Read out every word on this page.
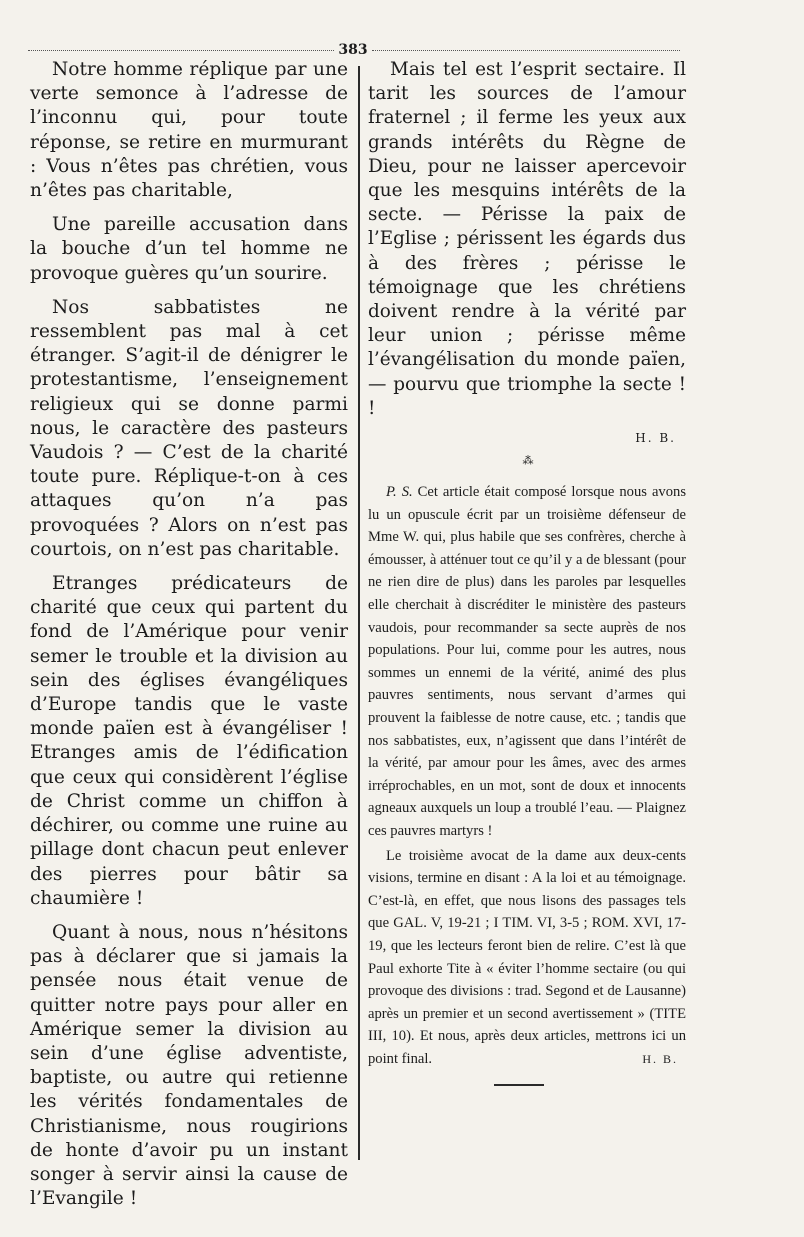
383

Notre homme réplique par une verte semonce à l’adresse de l’inconnu qui, pour toute réponse, se retire en murmurant : Vous n’êtes pas chrétien, vous n’êtes pas charitable,

Une pareille accusation dans la bouche d’un tel homme ne provoque guères qu’un sourire.

Nos sabbatistes ne ressemblent pas mal à cet étranger. S’agit-il de dénigrer le protestantisme, l’enseignement religieux qui se donne parmi nous, le caractère des pasteurs Vaudois ? — C’est de la charité toute pure. Réplique-t-on à ces attaques qu’on n’a pas provoquées ? Alors on n’est pas courtois, on n’est pas charitable.

Etranges prédicateurs de charité que ceux qui partent du fond de l’Amérique pour venir semer le trouble et la division au sein des églises évangéliques d’Europe tandis que le vaste monde païen est à évangéliser ! Etranges amis de l’édification que ceux qui considèrent l’église de Christ comme un chiffon à déchirer, ou comme une ruine au pillage dont chacun peut enlever des pierres pour bâtir sa chaumière !

Quant à nous, nous n’hésitons pas à déclarer que si jamais la pensée nous était venue de quitter notre pays pour aller en Amérique semer la division au sein d’une église adventiste, baptiste, ou autre qui retienne les vérités fondamentales de Christianisme, nous rougirions de honte d’avoir pu un instant songer à servir ainsi la cause de l’Evangile !

Mais tel est l’esprit sectaire. Il tarit les sources de l’amour fraternel ; il ferme les yeux aux grands intérêts du Règne de Dieu, pour ne laisser apercevoir que les mesquins intérêts de la secte. — Périsse la paix de l’Eglise ; périssent les égards dus à des frères ; périsse le témoignage que les chrétiens doivent rendre à la vérité par leur union ; périsse même l’évangélisation du monde païen, — pourvu que triomphe la secte ! !

H. B.
⁂

P. S. Cet article était composé lorsque nous avons lu un opuscule écrit par un troisième défenseur de Mme W. qui, plus habile que ses confrères, cherche à émousser, à atténuer tout ce qu’il y a de blessant (pour ne rien dire de plus) dans les paroles par lesquelles elle cherchait à discréditer le ministère des pasteurs vaudois, pour recommander sa secte auprès de nos populations. Pour lui, comme pour les autres, nous sommes un ennemi de la vérité, animé des plus pauvres sentiments, nous servant d’armes qui prouvent la faiblesse de notre cause, etc. ; tandis que nos sabbatistes, eux, n’agissent que dans l’intérêt de la vérité, par amour pour les âmes, avec des armes irréprochables, en un mot, sont de doux et innocents agneaux auxquels un loup a troublé l’eau. — Plaignez ces pauvres martyrs !

Le troisième avocat de la dame aux deux-cents visions, termine en disant : A la loi et au témoignage. C’est-là, en effet, que nous lisons des passages tels que GAL. V, 19-21 ; I TIM. VI, 3-5 ; ROM. XVI, 17-19, que les lecteurs feront bien de relire. C’est là que Paul exhorte Tite à « éviter l’homme sectaire (ou qui provoque des divisions : trad. Segond et de Lausanne) après un premier et un second avertissement » (TITE III, 10). Et nous, après deux articles, mettrons ici un point final.	H. B.
